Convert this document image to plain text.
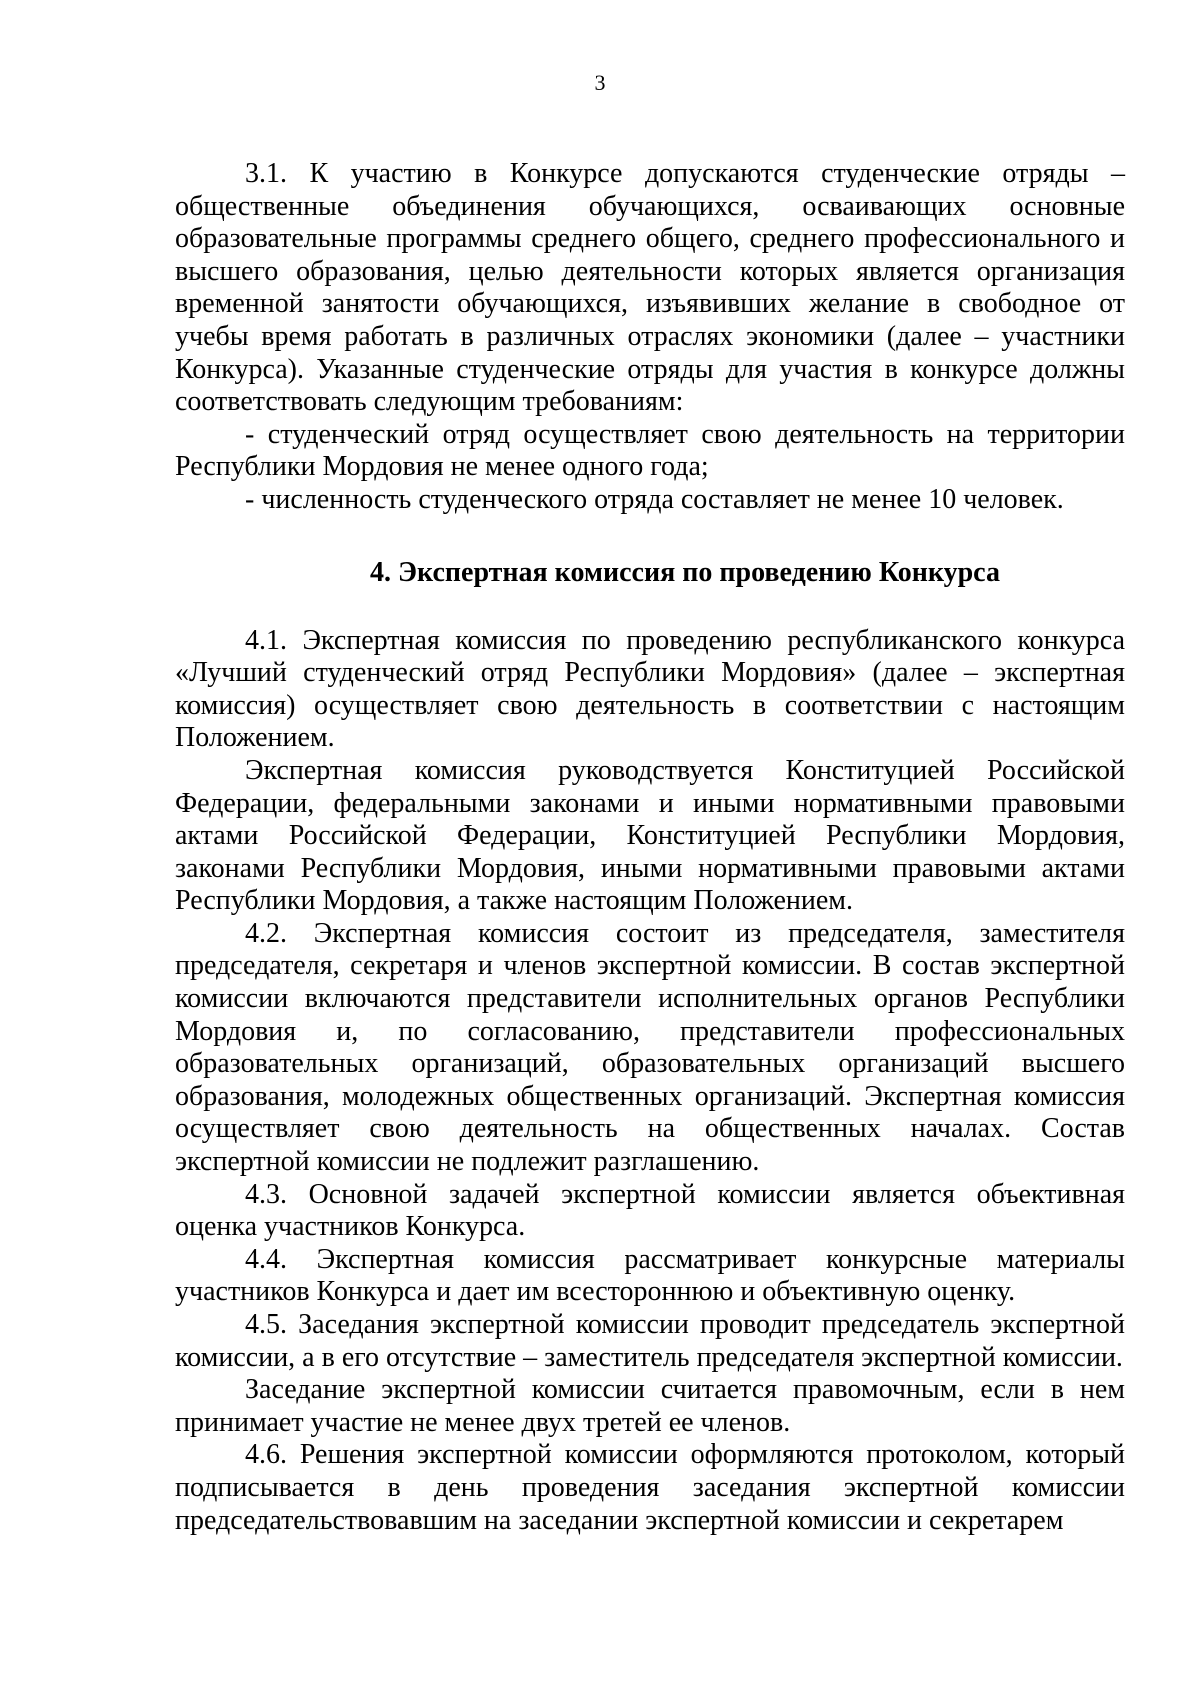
3

3.1. К участию в Конкурсе допускаются студенческие отряды – общественные объединения обучающихся, осваивающих основные образовательные программы среднего общего, среднего профессионального и высшего образования, целью деятельности которых является организация временной занятости обучающихся, изъявивших желание в свободное от учебы время работать в различных отраслях экономики (далее – участники Конкурса). Указанные студенческие отряды для участия в конкурсе должны соответствовать следующим требованиям:

- студенческий отряд осуществляет свою деятельность на территории Республики Мордовия не менее одного года;

- численность студенческого отряда составляет не менее 10 человек.

4. Экспертная комиссия по проведению Конкурса

4.1. Экспертная комиссия по проведению республиканского конкурса «Лучший студенческий отряд Республики Мордовия» (далее – экспертная комиссия) осуществляет свою деятельность в соответствии с настоящим Положением.

Экспертная комиссия руководствуется Конституцией Российской Федерации, федеральными законами и иными нормативными правовыми актами Российской Федерации, Конституцией Республики Мордовия, законами Республики Мордовия, иными нормативными правовыми актами Республики Мордовия, а также настоящим Положением.

4.2. Экспертная комиссия состоит из председателя, заместителя председателя, секретаря и членов экспертной комиссии. В состав экспертной комиссии включаются представители исполнительных органов Республики Мордовия и, по согласованию, представители профессиональных образовательных организаций, образовательных организаций высшего образования, молодежных общественных организаций. Экспертная комиссия осуществляет свою деятельность на общественных началах. Состав экспертной комиссии не подлежит разглашению.

4.3. Основной задачей экспертной комиссии является объективная оценка участников Конкурса.

4.4. Экспертная комиссия рассматривает конкурсные материалы участников Конкурса и дает им всестороннюю и объективную оценку.

4.5. Заседания экспертной комиссии проводит председатель экспертной комиссии, а в его отсутствие – заместитель председателя экспертной комиссии.

Заседание экспертной комиссии считается правомочным, если в нем принимает участие не менее двух третей ее членов.

4.6. Решения экспертной комиссии оформляются протоколом, который подписывается в день проведения заседания экспертной комиссии председательствовавшим на заседании экспертной комиссии и секретарем
